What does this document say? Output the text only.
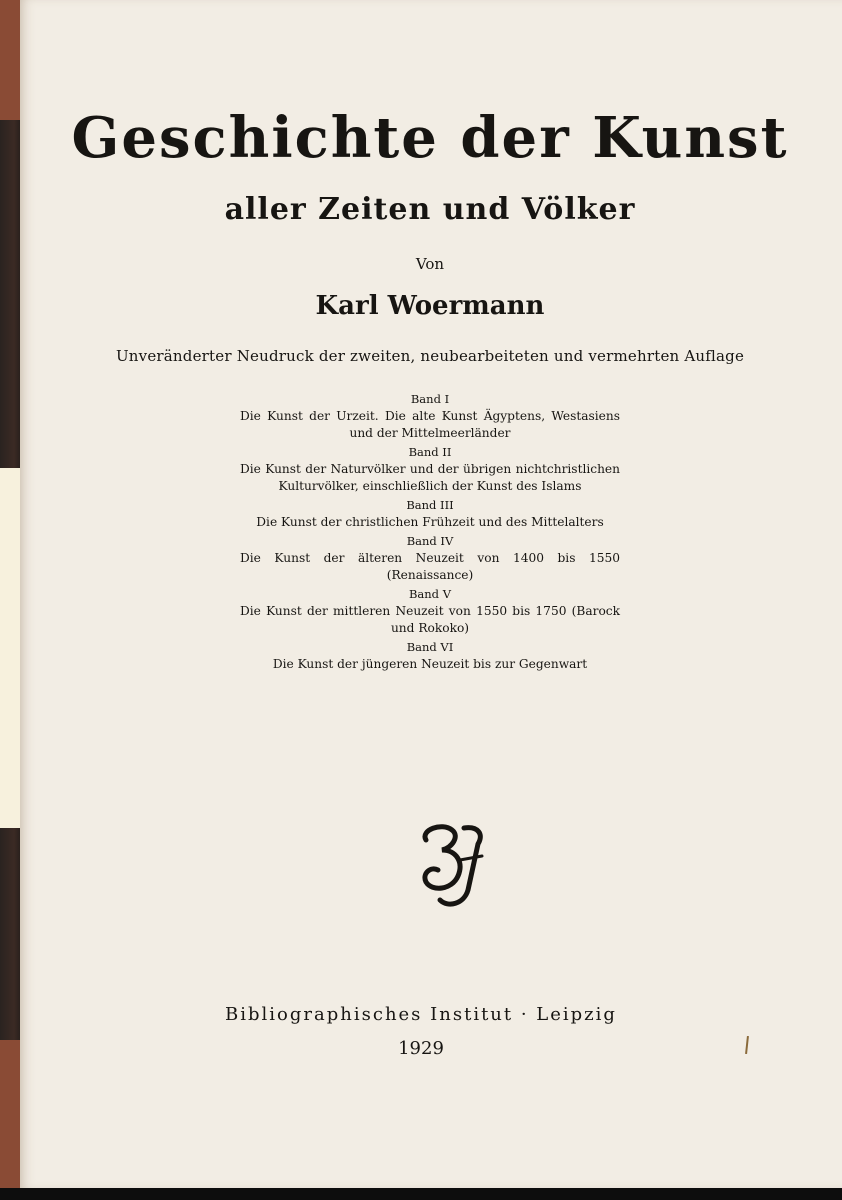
Geschichte der Kunst
aller Zeiten und Völker
Von
Karl Woermann
Unveränderter Neudruck der zweiten, neubearbeiteten und vermehrten Auflage
Band I
Die Kunst der Urzeit. Die alte Kunst Ägyptens, Westasiens und der Mittelmeerländer
Band II
Die Kunst der Naturvölker und der übrigen nichtchristlichen Kulturvölker, einschließlich der Kunst des Islams
Band III
Die Kunst der christlichen Frühzeit und des Mittelalters
Band IV
Die Kunst der älteren Neuzeit von 1400 bis 1550 (Renaissance)
Band V
Die Kunst der mittleren Neuzeit von 1550 bis 1750 (Barock und Rokoko)
Band VI
Die Kunst der jüngeren Neuzeit bis zur Gegenwart
Bibliographisches Institut · Leipzig
1929
